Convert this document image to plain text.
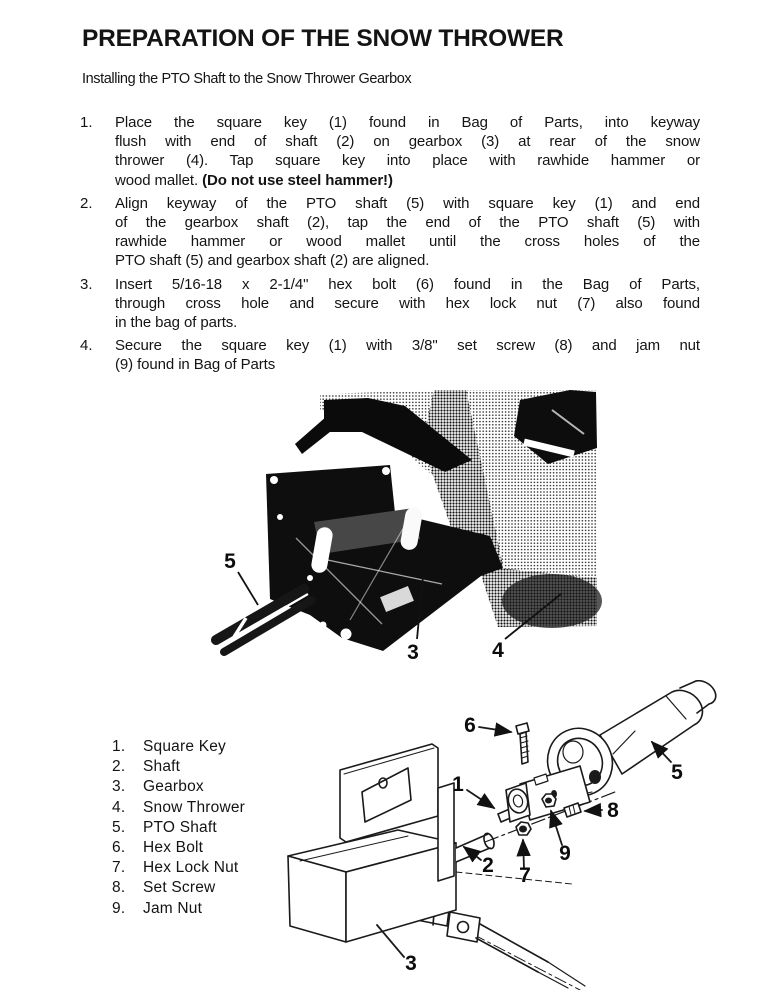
PREPARATION OF THE SNOW THROWER
Installing the PTO Shaft to the Snow Thrower Gearbox
1.	Place the square key (1) found in Bag of Parts, into keyway
flush with end of shaft (2) on gearbox (3) at rear of the snow
thrower (4). Tap square key into place with rawhide hammer or
wood mallet. (Do not use steel hammer!)
2.	Align keyway of the PTO shaft (5) with square key (1) and end
of the gearbox shaft (2), tap the end of the PTO shaft (5) with
rawhide hammer or wood mallet until the cross holes of the
PTO shaft (5) and gearbox shaft (2) are aligned.
3.	Insert 5/16-18 x 2-1/4" hex bolt (6) found in the Bag of Parts,
through cross hole and secure with hex lock nut (7) also found
in the bag of parts.
4.	Secure the square key (1) with 3/8" set screw (8) and jam nut
(9) found in Bag of Parts
5
3	4
6
1
5
8
2
9
7
3
1.	Square Key
2.	Shaft
3.	Gearbox
4.	Snow Thrower
5.	PTO Shaft
6.	Hex Bolt
7.	Hex Lock Nut
8.	Set Screw
9.	Jam Nut
